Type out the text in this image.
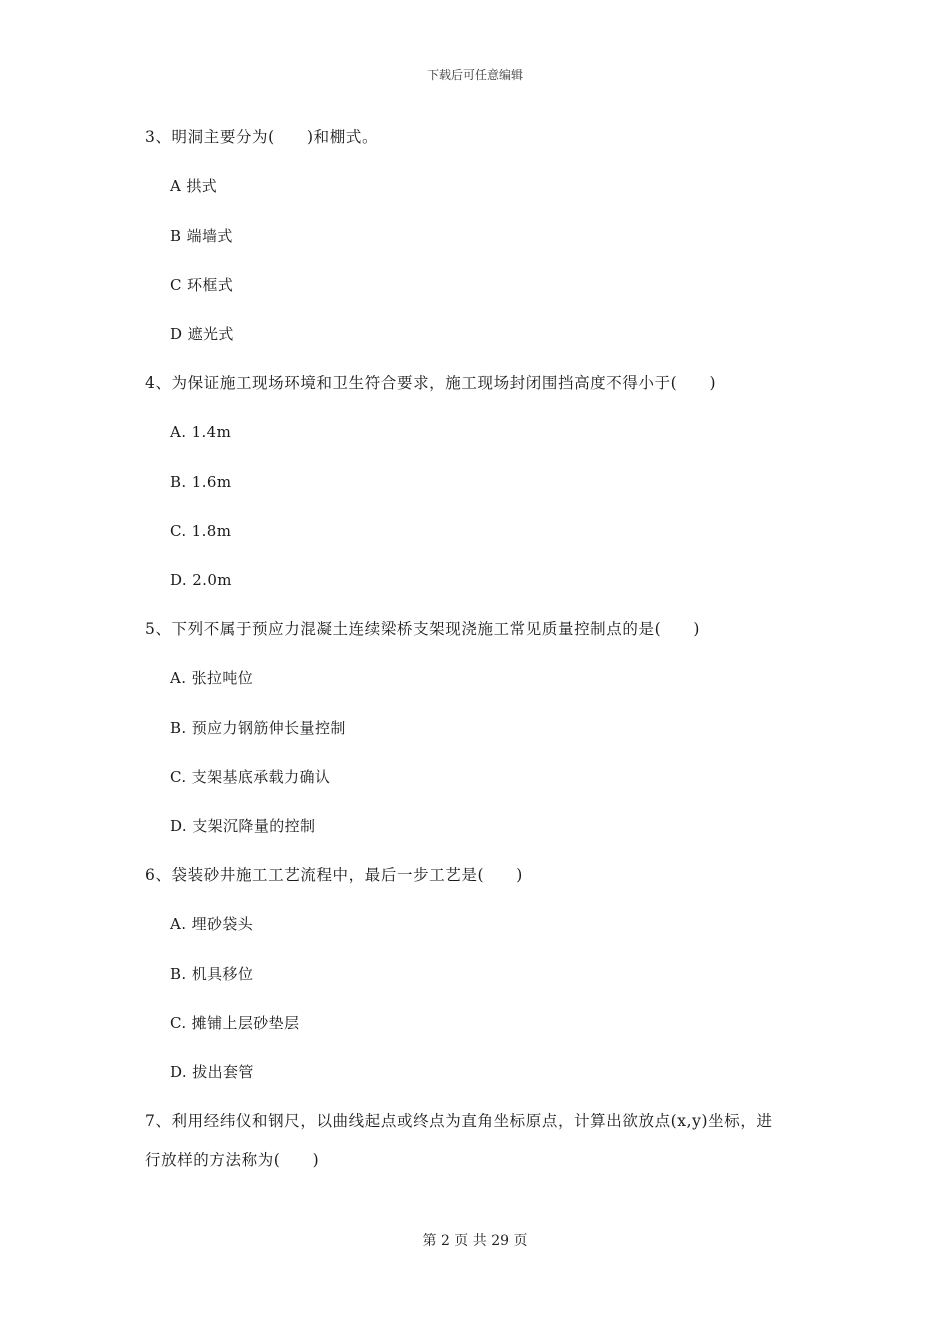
下载后可任意编辑
3、明洞主要分为(　　)和棚式。
A 拱式
B 端墙式
C 环框式
D 遮光式
4、为保证施工现场环境和卫生符合要求，施工现场封闭围挡高度不得小于(　　)
A. 1.4m
B. 1.6m
C. 1.8m
D. 2.0m
5、下列不属于预应力混凝土连续梁桥支架现浇施工常见质量控制点的是(　　)
A. 张拉吨位
B. 预应力钢筋伸长量控制
C. 支架基底承载力确认
D. 支架沉降量的控制
6、袋装砂井施工工艺流程中，最后一步工艺是(　　)
A. 埋砂袋头
B. 机具移位
C. 摊铺上层砂垫层
D. 拔出套管
7、利用经纬仪和钢尺，以曲线起点或终点为直角坐标原点，计算出欲放点(x,y)坐标，进
行放样的方法称为(　　)
第 2 页 共 29 页
